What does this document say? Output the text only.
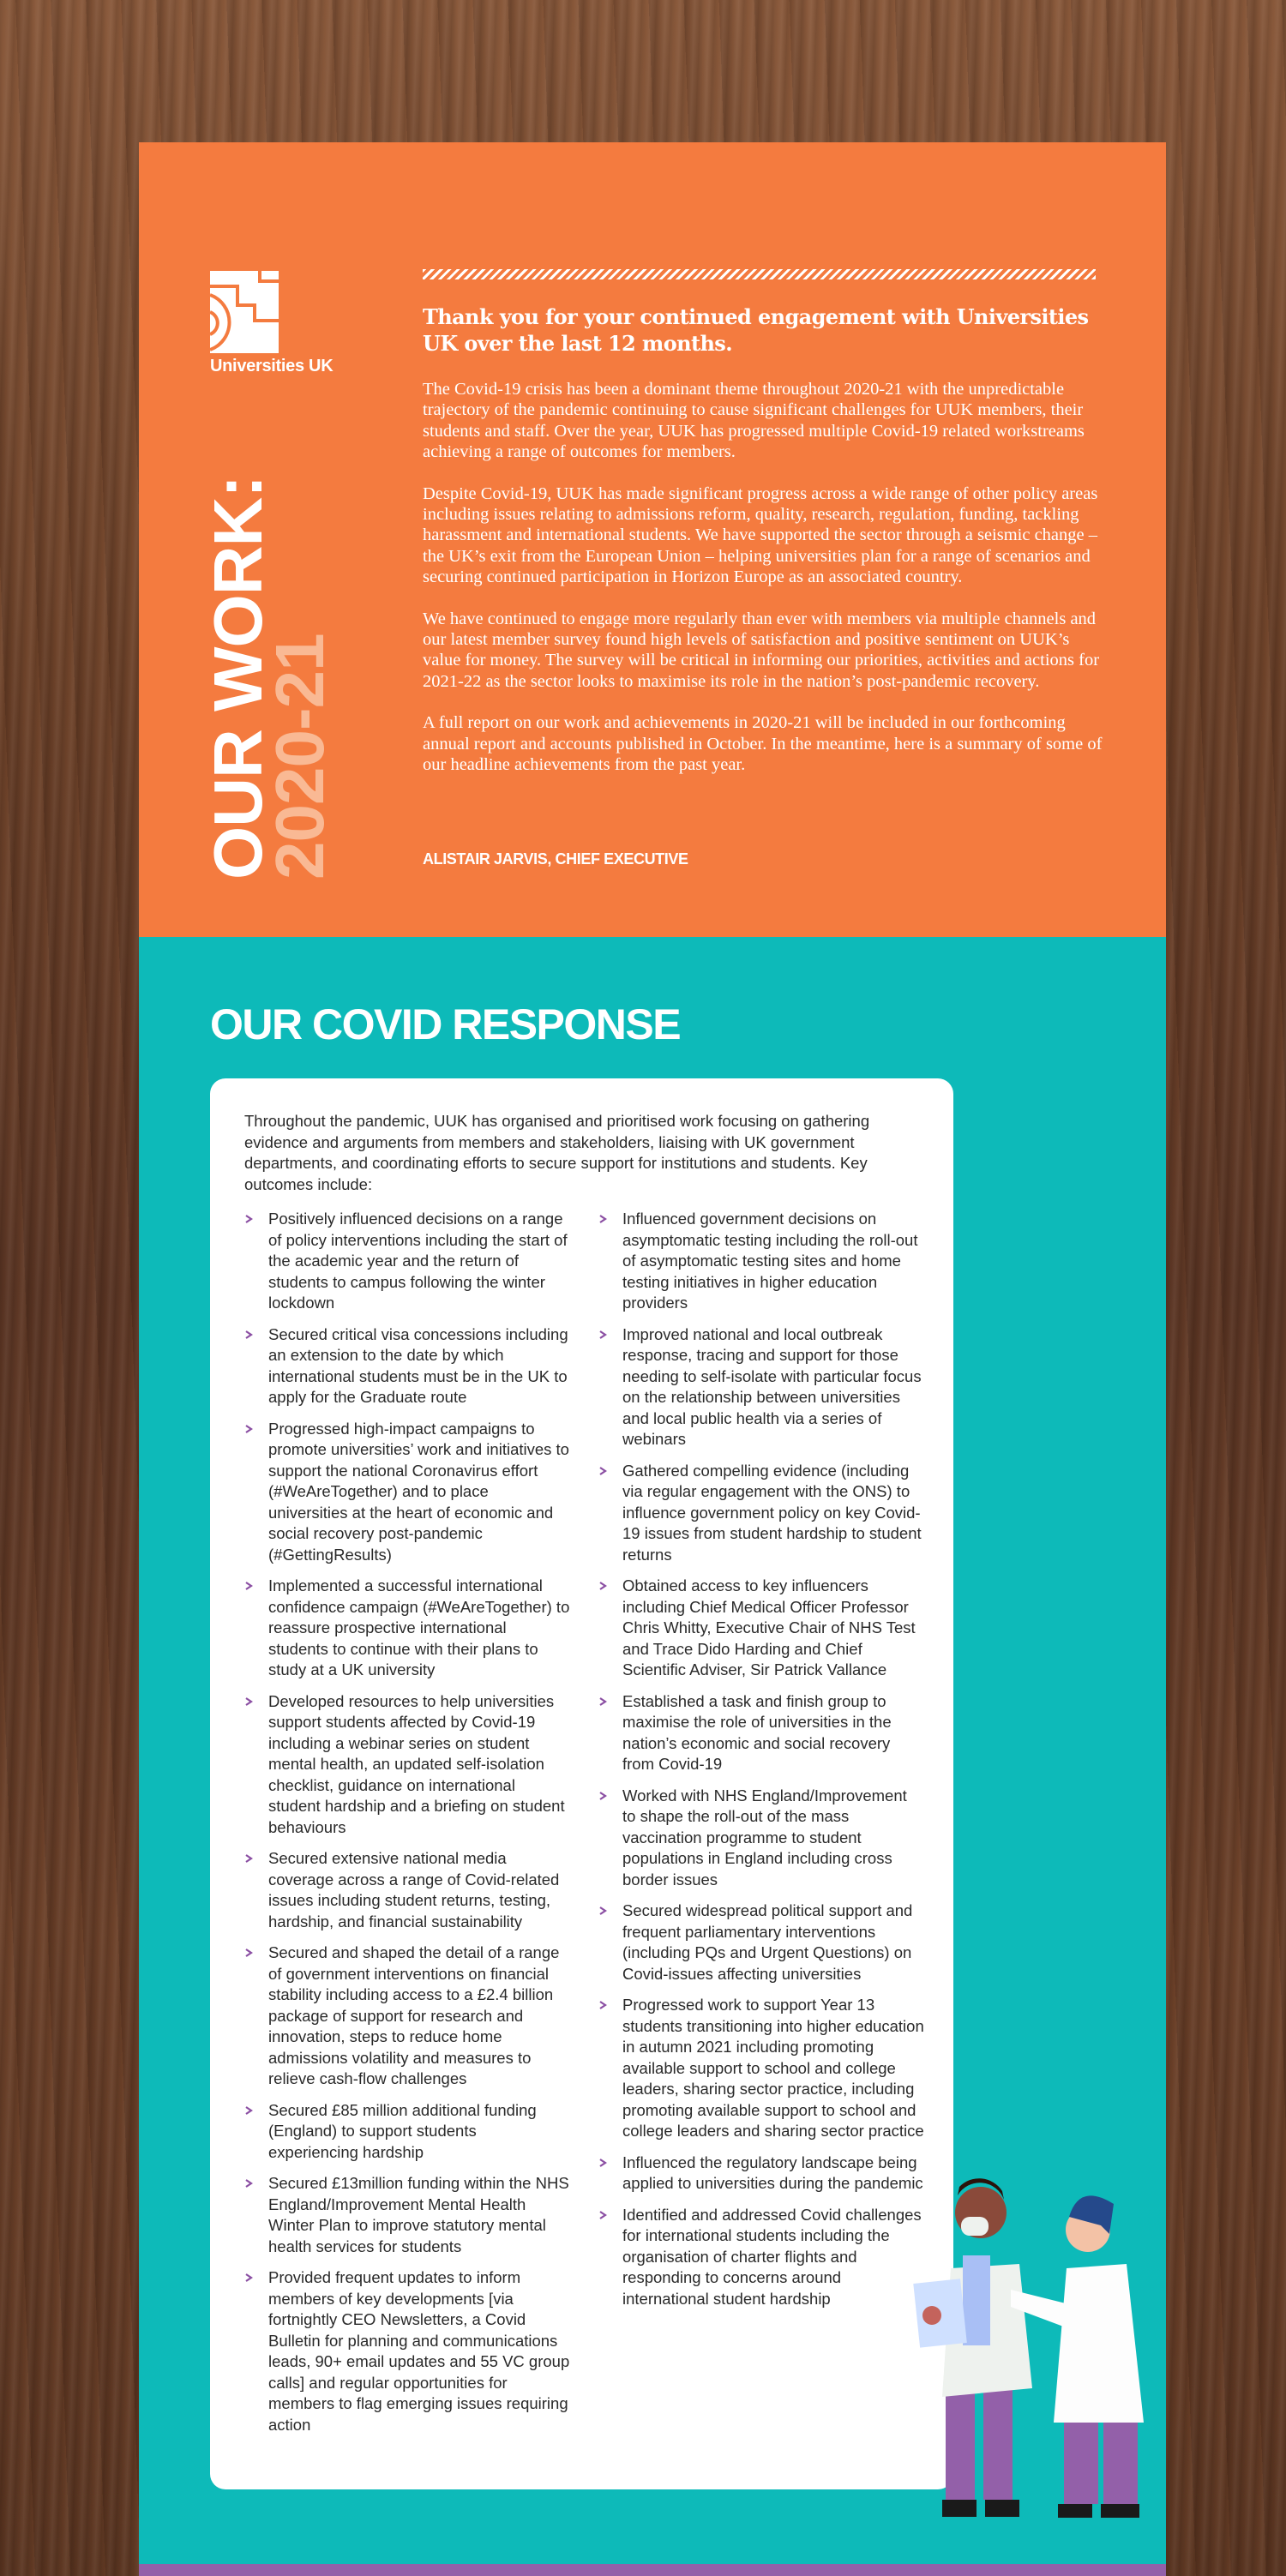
Universities UK
OUR WORK:
2020-21
Thank you for your continued engagement with Universities UK over the last 12 months.

The Covid-19 crisis has been a dominant theme throughout 2020-21 with the unpredictable trajectory of the pandemic continuing to cause significant challenges for UUK members, their students and staff. Over the year, UUK has progressed multiple Covid-19 related workstreams achieving a range of outcomes for members.

Despite Covid-19, UUK has made significant progress across a wide range of other policy areas including issues relating to admissions reform, quality, research, regulation, funding, tackling harassment and international students. We have supported the sector through a seismic change – the UK’s exit from the European Union – helping universities plan for a range of scenarios and securing continued participation in Horizon Europe as an associated country.

We have continued to engage more regularly than ever with members via multiple channels and our latest member survey found high levels of satisfaction and positive sentiment on UUK’s value for money. The survey will be critical in informing our priorities, activities and actions for 2021-22 as the sector looks to maximise its role in the nation’s post-pandemic recovery.

A full report on our work and achievements in 2020-21 will be included in our forthcoming annual report and accounts published in October. In the meantime, here is a summary of some of our headline achievements from the past year.

ALISTAIR JARVIS, CHIEF EXECUTIVE
OUR COVID RESPONSE
Throughout the pandemic, UUK has organised and prioritised work focusing on gathering evidence and arguments from members and stakeholders, liaising with UK government departments, and coordinating efforts to secure support for institutions and students. Key outcomes include:
Positively influenced decisions on a range of policy interventions including the start of the academic year and the return of students to campus following the winter lockdown
Secured critical visa concessions including an extension to the date by which international students must be in the UK to apply for the Graduate route
Progressed high-impact campaigns to promote universities’ work and initiatives to support the national Coronavirus effort (#WeAreTogether) and to place universities at the heart of economic and social recovery post-pandemic (#GettingResults)
Implemented a successful international confidence campaign (#WeAreTogether) to reassure prospective international students to continue with their plans to study at a UK university
Developed resources to help universities support students affected by Covid-19 including a webinar series on student mental health, an updated self-isolation checklist, guidance on international student hardship and a briefing on student behaviours
Secured extensive national media coverage across a range of Covid-related issues including student returns, testing, hardship, and financial sustainability
Secured and shaped the detail of a range of government interventions on financial stability including access to a £2.4 billion package of support for research and innovation, steps to reduce home admissions volatility and measures to relieve cash-flow challenges
Secured £85 million additional funding (England) to support students experiencing hardship
Secured £13million funding within the NHS England/Improvement Mental Health Winter Plan to improve statutory mental health services for students
Provided frequent updates to inform members of key developments [via fortnightly CEO Newsletters, a Covid Bulletin for planning and communications leads, 90+ email updates and 55 VC group calls] and regular opportunities for members to flag emerging issues requiring action
Influenced government decisions on asymptomatic testing including the roll-out of asymptomatic testing sites and home testing initiatives in higher education providers
Improved national and local outbreak response, tracing and support for those needing to self-isolate with particular focus on the relationship between universities and local public health via a series of webinars
Gathered compelling evidence (including via regular engagement with the ONS) to influence government policy on key Covid-19 issues from student hardship to student returns
Obtained access to key influencers including Chief Medical Officer Professor Chris Whitty, Executive Chair of NHS Test and Trace Dido Harding and Chief Scientific Adviser, Sir Patrick Vallance
Established a task and finish group to maximise the role of universities in the nation’s economic and social recovery from Covid-19
Worked with NHS England/Improvement to shape the roll-out of the mass vaccination programme to student populations in England including cross border issues
Secured widespread political support and frequent parliamentary interventions (including PQs and Urgent Questions) on Covid-issues affecting universities
Progressed work to support Year 13 students transitioning into higher education in autumn 2021 including promoting available support to school and college leaders, sharing sector practice, including promoting available support to school and college leaders and sharing sector practice
Influenced the regulatory landscape being applied to universities during the pandemic
Identified and addressed Covid challenges for international students including the organisation of charter flights and responding to concerns around international student hardship
